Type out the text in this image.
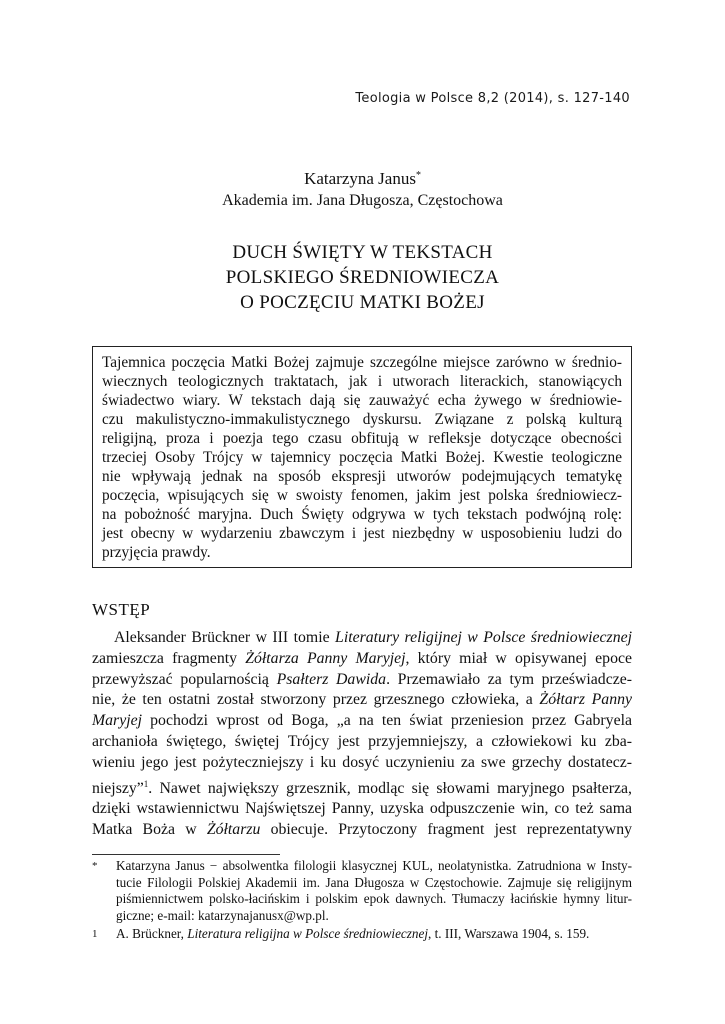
Teologia w Polsce 8,2 (2014), s. 127-140
Katarzyna Janus*
Akademia im. Jana Długosza, Częstochowa
DUCH ŚWIĘTY W TEKSTACH
POLSKIEGO ŚREDNIOWIECZA
O POCZĘCIU MATKI BOŻEJ
Tajemnica poczęcia Matki Bożej zajmuje szczególne miejsce zarówno w średnio-
wiecznych teologicznych traktatach, jak i utworach literackich, stanowiących
świadectwo wiary. W tekstach dają się zauważyć echa żywego w średniowie-
czu makulistyczno-immakulistycznego dyskursu. Związane z polską kulturą
religijną, proza i poezja tego czasu obfitują w refleksje dotyczące obecności
trzeciej Osoby Trójcy w tajemnicy poczęcia Matki Bożej. Kwestie teologiczne
nie wpływają jednak na sposób ekspresji utworów podejmujących tematykę
poczęcia, wpisujących się w swoisty fenomen, jakim jest polska średniowiecz-
na pobożność maryjna. Duch Święty odgrywa w tych tekstach podwójną rolę:
jest obecny w wydarzeniu zbawczym i jest niezbędny w usposobieniu ludzi do
przyjęcia prawdy.
WSTĘP
Aleksander Brückner w III tomie Literatury religijnej w Polsce średniowiecznej
zamieszcza fragmenty Żółtarza Panny Maryjej, który miał w opisywanej epoce
przewyższać popularnością Psałterz Dawida. Przemawiało za tym przeświadcze-
nie, że ten ostatni został stworzony przez grzesznego człowieka, a Żółtarz Panny
Maryjej pochodzi wprost od Boga, „a na ten świat przeniesion przez Gabryela
archanioła świętego, świętej Trójcy jest przyjemniejszy, a człowiekowi ku zba-
wieniu jego jest pożyteczniejszy i ku dosyć uczynieniu za swe grzechy dostatecz-
niejszy”$^1$. Nawet największy grzesznik, modląc się słowami maryjnego psałterza,
dzięki wstawiennictwu Najświętszej Panny, uzyska odpuszczenie win, co też sama
Matka Boża w Żółtarzu obiecuje. Przytoczony fragment jest reprezentatywny
* Katarzyna Janus − absolwentka filologii klasycznej KUL, neolatynistka. Zatrudniona w Insty-
tucie Filologii Polskiej Akademii im. Jana Długosza w Częstochowie. Zajmuje się religijnym
piśmiennictwem polsko-łacińskim i polskim epok dawnych. Tłumaczy łacińskie hymny litur-
giczne; e-mail: katarzynajanusx@wp.pl.
1 A. Brückner, Literatura religijna w Polsce średniowiecznej, t. III, Warszawa 1904, s. 159.
